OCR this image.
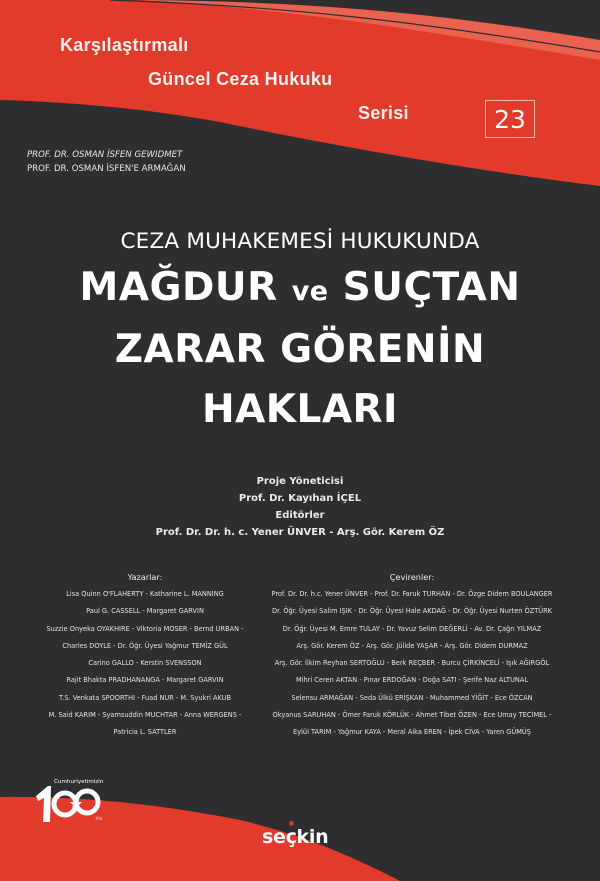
Karşılaştırmalı
Güncel Ceza Hukuku
Serisi	23
PROF. DR. OSMAN İSFEN GEWIDMET
PROF. DR. OSMAN İSFEN'E ARMAĞAN
CEZA MUHAKEMESİ HUKUKUNDA
MAĞDUR ve SUÇTAN
ZARAR GÖRENİN
HAKLARI
Proje Yöneticisi
Prof. Dr. Kayıhan İÇEL
Editörler
Prof. Dr. Dr. h. c. Yener ÜNVER - Arş. Gör. Kerem ÖZ
Yazarlar:
Lisa Quinn O'FLAHERTY - Katharine L. MANNING
Paul G. CASSELL - Margaret GARVIN
Suzzie Onyeka OYAKHIRE - Viktoria MOSER - Bernd URBAN -
Charles DOYLE - Dr. Öğr. Üyesi Yağmur TEMİZ GÜL
Carino GALLO - Kerstin SVENSSON
Rajit Bhakta PRADHANANGA - Margaret GARVIN
T.S. Venkata SPOORTHI - Fuad NUR - M. Syukri AKUB
M. Said KARIM - Syamsuddin MUCHTAR - Anna WERGENS -
Patricia L. SATTLER
Çevirenler:
Prof. Dr. Dr. h.c. Yener ÜNVER - Prof. Dr. Faruk TURHAN - Dr. Özge Didem BOULANGER
Dr. Öğr. Üyesi Salim IŞIK - Dr. Öğr. Üyesi Hale AKDAĞ - Dr. Öğr. Üyesi Nurten ÖZTÜRK
Dr. Öğr. Üyesi M. Emre TULAY - Dr. Yavuz Selim DEĞERLİ - Av. Dr. Çağrı YILMAZ
Arş. Gör. Kerem ÖZ - Arş. Gör. Jülide YAŞAR - Arş. Gör. Didem DURMAZ
Arş. Gör. İlkim Reyhan SERTOĞLU - Berk REÇBER - Burcu ÇİRKİNCELİ - Işık AĞIRGÖL
Mihri Ceren AKTAN - Pınar ERDOĞAN - Doğa SATI - Şerife Naz ALTUNAL
Selensu ARMAĞAN - Seda Ülkü ERİŞKAN - Muhammed YİĞİT - Ece ÖZCAN
Okyanus SARUHAN - Ömer Faruk KÖRLÜK - Ahmet Tibet ÖZEN - Ece Umay TECİMEL -
Eylül TARIM - Yağmur KAYA - Meral Aika EREN - İpek CİVA - Yaren GÜMÜŞ
Cumhuriyetimizin
.Yılı
seçkin
